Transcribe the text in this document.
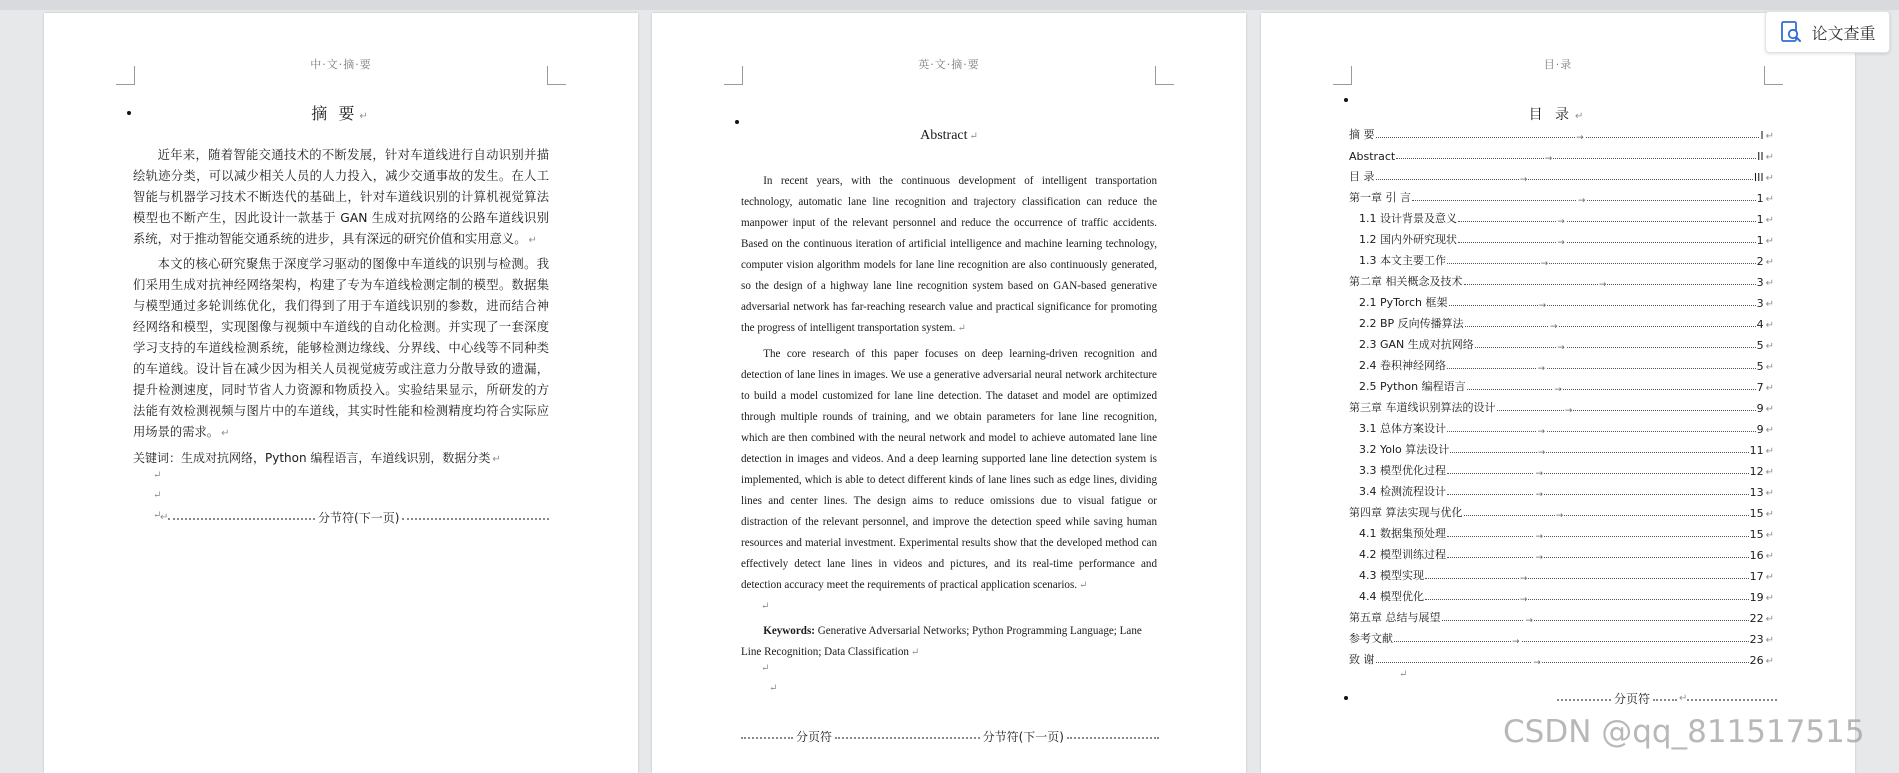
中·文·摘·要
摘 要 ↵

近年来，随着智能交通技术的不断发展，针对车道线进行自动识别并描绘轨迹分类，可以减少相关人员的人力投入，减少交通事故的发生。在人工智能与机器学习技术不断迭代的基础上，针对车道线识别的计算机视觉算法模型也不断产生，因此设计一款基于 GAN 生成对抗网络的公路车道线识别系统，对于推动智能交通系统的进步，具有深远的研究价值和实用意义。 ↵

本文的核心研究聚焦于深度学习驱动的图像中车道线的识别与检测。我们采用生成对抗神经网络架构，构建了专为车道线检测定制的模型。数据集与模型通过多轮训练优化，我们得到了用于车道线识别的参数，进而结合神经网络和模型，实现图像与视频中车道线的自动化检测。并实现了一套深度学习支持的车道线检测系统，能够检测边缘线、分界线、中心线等不同种类的车道线。设计旨在减少因为相关人员视觉疲劳或注意力分散导致的遗漏，提升检测速度，同时节省人力资源和物质投入。实验结果显示，所研发的方法能有效检测视频与图片中的车道线，其实时性能和检测精度均符合实际应用场景的需求。 ↵

关键词：生成对抗网络，Python 编程语言，车道线识别，数据分类 ↵
↵
↵
↵
↵	分节符(下一页)
英·文·摘·要
Abstract ↵

In recent years, with the continuous development of intelligent transportation technology, automatic lane line recognition and trajectory classification can reduce the manpower input of the relevant personnel and reduce the occurrence of traffic accidents. Based on the continuous iteration of artificial intelligence and machine learning technology, computer vision algorithm models for lane line recognition are also continuously generated, so the design of a highway lane line recognition system based on GAN-based generative adversarial network has far-reaching research value and practical significance for promoting the progress of intelligent transportation system. ↵

The core research of this paper focuses on deep learning-driven recognition and detection of lane lines in images. We use a generative adversarial neural network architecture to build a model customized for lane line detection. The dataset and model are optimized through multiple rounds of training, and we obtain parameters for lane line recognition, which are then combined with the neural network and model to achieve automated lane line detection in images and videos. And a deep learning supported lane line detection system is implemented, which is able to detect different kinds of lane lines such as edge lines, dividing lines and center lines. The design aims to reduce omissions due to visual fatigue or distraction of the relevant personnel, and improve the detection speed while saving human resources and material investment. Experimental results show that the developed method can effectively detect lane lines in videos and pictures, and its real-time performance and detection accuracy meet the requirements of practical application scenarios. ↵

↵
Keywords: Generative Adversarial Networks; Python Programming Language; Lane Line Recognition; Data Classification ↵
↵
↵
分页符	分节符(下一页)
目·录
目 录 ↵
摘 要	→	I ↵
Abstract	→	II ↵
目 录	→	III ↵
第一章 引 言	→	1 ↵
1.1 设计背景及意义	→	1 ↵
1.2 国内外研究现状	→	1 ↵
1.3 本文主要工作	→	2 ↵
第二章 相关概念及技术	→	3 ↵
2.1 PyTorch 框架	→	3 ↵
2.2 BP 反向传播算法	→	4 ↵
2.3 GAN 生成对抗网络	→	5 ↵
2.4 卷积神经网络	→	5 ↵
2.5 Python 编程语言	→	7 ↵
第三章 车道线识别算法的设计	→	9 ↵
3.1 总体方案设计	→	9 ↵
3.2 Yolo 算法设计	→	11 ↵
3.3 模型优化过程	→	12 ↵
3.4 检测流程设计	→	13 ↵
第四章 算法实现与优化	→	15 ↵
4.1 数据集预处理	→	15 ↵
4.2 模型训练过程	→	16 ↵
4.3 模型实现	→	17 ↵
4.4 模型优化	→	19 ↵
第五章 总结与展望	→	22 ↵
参考文献	→	23 ↵
致 谢	→	26 ↵
↵
分页符	↵
论文查重
CSDN @qq_811517515
